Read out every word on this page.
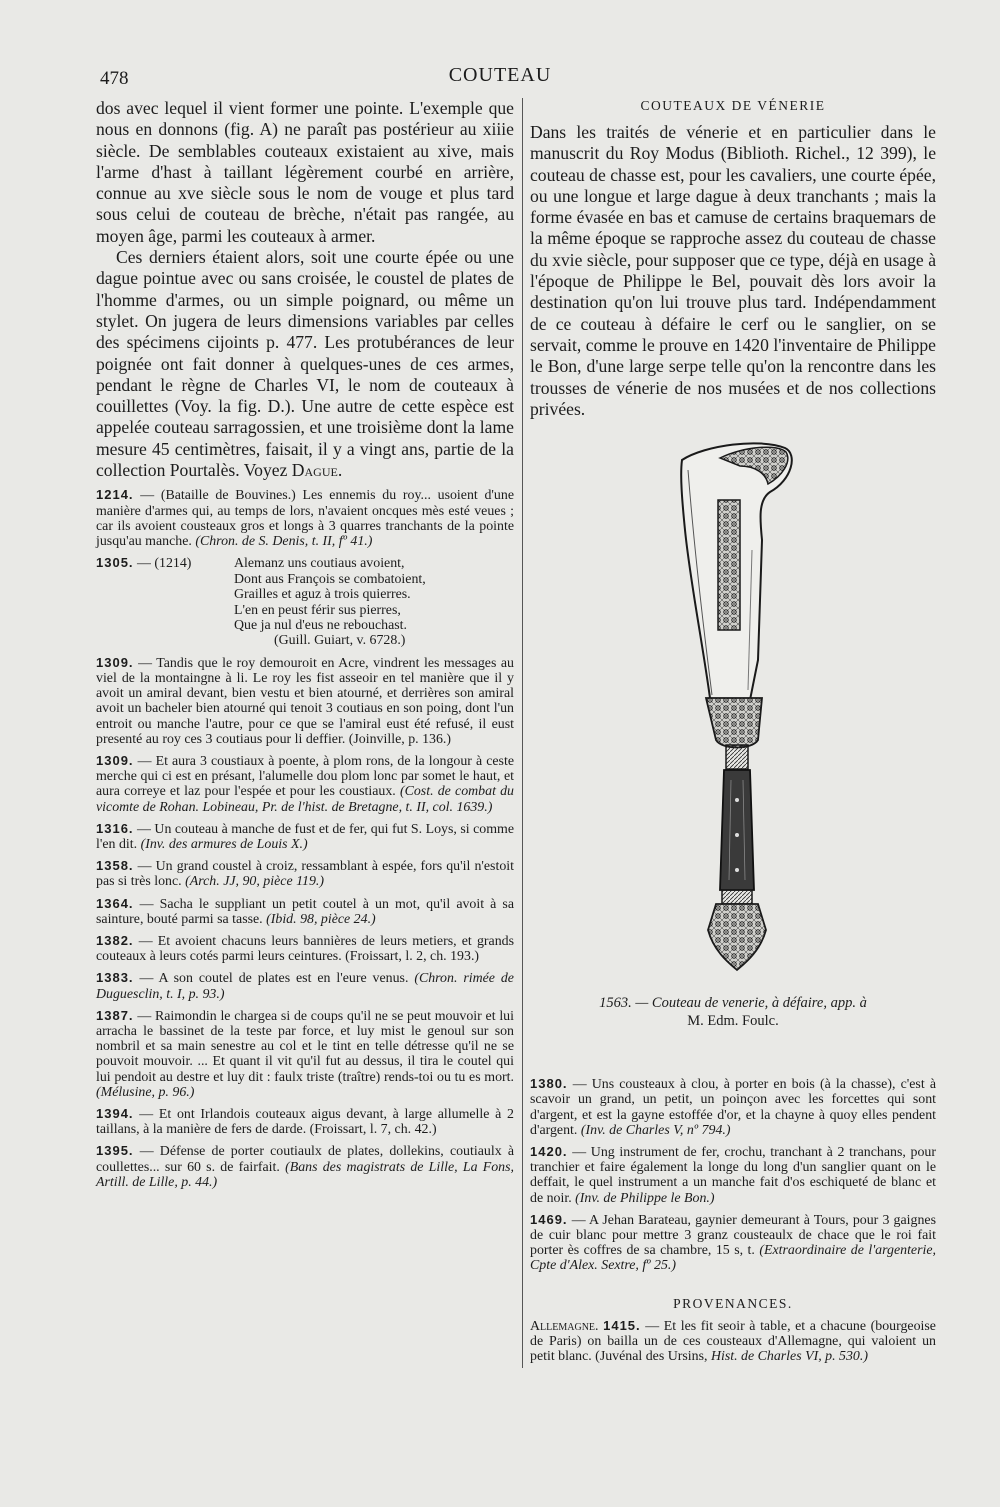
478	COUTEAU

dos avec lequel il vient former une pointe. L'exemple que nous en donnons (fig. A) ne paraît pas postérieur au xiiie siècle. De semblables couteaux existaient au xive, mais l'arme d'hast à taillant légèrement courbé en arrière, connue au xve siècle sous le nom de vouge et plus tard sous celui de couteau de brèche, n'était pas rangée, au moyen âge, parmi les couteaux à armer.

Ces derniers étaient alors, soit une courte épée ou une dague pointue avec ou sans croisée, le coustel de plates de l'homme d'armes, ou un simple poignard, ou même un stylet. On jugera de leurs dimensions variables par celles des spécimens cijoints p. 477. Les protubérances de leur poignée ont fait donner à quelques-unes de ces armes, pendant le règne de Charles VI, le nom de couteaux à couillettes (Voy. la fig. D.). Une autre de cette espèce est appelée couteau sarragossien, et une troisième dont la lame mesure 45 centimètres, faisait, il y a vingt ans, partie de la collection Pourtalès. Voyez Dague.

1214. — (Bataille de Bouvines.) Les ennemis du roy... usoient d'une manière d'armes qui, au temps de lors, n'avaient oncques mès esté veues ; car ils avoient cousteaux gros et longs à 3 quarres tranchants de la pointe jusqu'au manche. (Chron. de S. Denis, t. II, fº 41.)

1305. — (1214)	Alemanz uns coutiaus avoient,
Dont aus François se combatoient,
Grailles et aguz à trois quierres.
L'en en peust férir sus pierres,
Que ja nul d'eus ne rebouchast.
(Guill. Guiart, v. 6728.)

1309. — Tandis que le roy demouroit en Acre, vindrent les messages au viel de la montaingne à li. Le roy les fist asseoir en tel manière que il y avoit un amiral devant, bien vestu et bien atourné, et derrières son amiral avoit un bacheler bien atourné qui tenoit 3 coutiaus en son poing, dont l'un entroit ou manche l'autre, pour ce que se l'amiral eust été refusé, il eust presenté au roy ces 3 coutiaus pour li deffier. (Joinville, p. 136.)

1309. — Et aura 3 coustiaux à poente, à plom rons, de la longour à ceste merche qui ci est en présant, l'alumelle dou plom lonc par somet le haut, et aura correye et laz pour l'espée et pour les coustiaux. (Cost. de combat du vicomte de Rohan. Lobineau, Pr. de l'hist. de Bretagne, t. II, col. 1639.)

1316. — Un couteau à manche de fust et de fer, qui fut S. Loys, si comme l'en dit. (Inv. des armures de Louis X.)

1358. — Un grand coustel à croiz, ressamblant à espée, fors qu'il n'estoit pas si très lonc. (Arch. JJ, 90, pièce 119.)

1364. — Sacha le suppliant un petit coutel à un mot, qu'il avoit à sa sainture, bouté parmi sa tasse. (Ibid. 98, pièce 24.)

1382. — Et avoient chacuns leurs bannières de leurs metiers, et grands couteaux à leurs cotés parmi leurs ceintures. (Froissart, l. 2, ch. 193.)

1383. — A son coutel de plates est en l'eure venus. (Chron. rimée de Duguesclin, t. I, p. 93.)

1387. — Raimondin le chargea si de coups qu'il ne se peut mouvoir et lui arracha le bassinet de la teste par force, et luy mist le genoul sur son nombril et sa main senestre au col et le tint en telle détresse qu'il ne se pouvoit mouvoir. ... Et quant il vit qu'il fut au dessus, il tira le coutel qui lui pendoit au destre et luy dit : faulx triste (traître) rends-toi ou tu es mort. (Mélusine, p. 96.)

1394. — Et ont Irlandois couteaux aigus devant, à large allumelle à 2 taillans, à la manière de fers de darde. (Froissart, l. 7, ch. 42.)

1395. — Défense de porter coutiaulx de plates, dollekins, coutiaulx à coullettes... sur 60 s. de fairfait. (Bans des magistrats de Lille, La Fons, Artill. de Lille, p. 44.)

COUTEAUX DE VÉNERIE

Dans les traités de vénerie et en particulier dans le manuscrit du Roy Modus (Biblioth. Richel., 12 399), le couteau de chasse est, pour les cavaliers, une courte épée, ou une longue et large dague à deux tranchants ; mais la forme évasée en bas et camuse de certains braquemars de la même époque se rapproche assez du couteau de chasse du xvie siècle, pour supposer que ce type, déjà en usage à l'époque de Philippe le Bel, pouvait dès lors avoir la destination qu'on lui trouve plus tard. Indépendamment de ce couteau à défaire le cerf ou le sanglier, on se servait, comme le prouve en 1420 l'inventaire de Philippe le Bon, d'une large serpe telle qu'on la rencontre dans les trousses de vénerie de nos musées et de nos collections privées.

1563. — Couteau de venerie, à défaire, app. à
M. Edm. Foulc.

1380. — Uns cousteaux à clou, à porter en bois (à la chasse), c'est à scavoir un grand, un petit, un poinçon avec les forcettes qui sont d'argent, et est la gayne estoffée d'or, et la chayne à quoy elles pendent d'argent. (Inv. de Charles V, nº 794.)

1420. — Ung instrument de fer, crochu, tranchant à 2 tranchans, pour tranchier et faire également la longe du long d'un sanglier quant on le deffait, le quel instrument a un manche fait d'os eschiqueté de blanc et de noir. (Inv. de Philippe le Bon.)

1469. — A Jehan Barateau, gaynier demeurant à Tours, pour 3 gaignes de cuir blanc pour mettre 3 granz cousteaulx de chace que le roi fait porter ès coffres de sa chambre, 15 s, t. (Extraordinaire de l'argenterie, Cpte d'Alex. Sextre, fº 25.)

PROVENANCES.

Allemagne. 1415. — Et les fit seoir à table, et a chacune (bourgeoise de Paris) on bailla un de ces cousteaux d'Allemagne, qui valoient un petit blanc. (Juvénal des Ursins, Hist. de Charles VI, p. 530.)
